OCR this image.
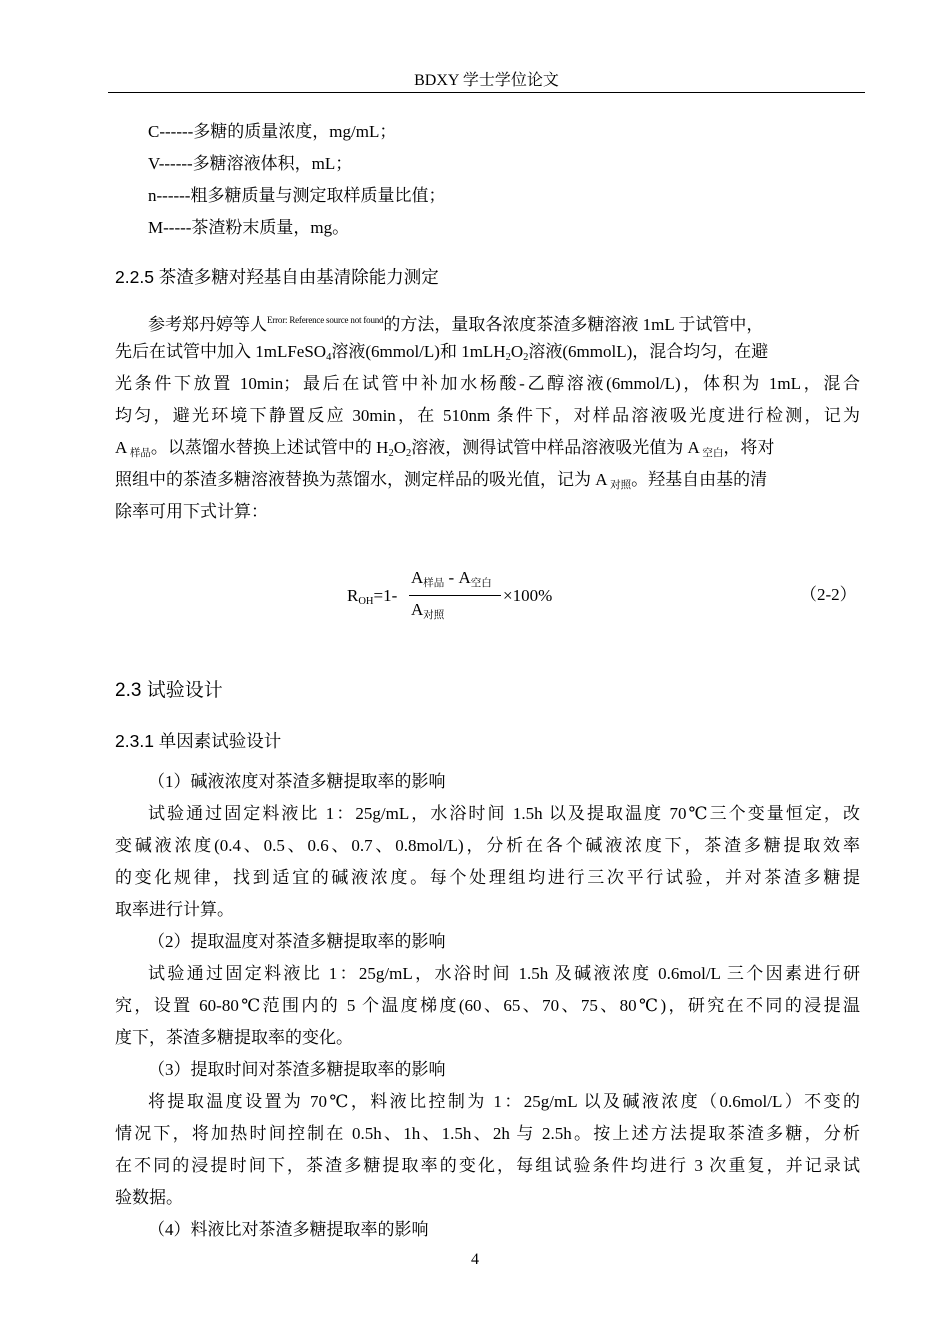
BDXY 学士学位论文
C------多糖的质量浓度，mg/mL；
V------多糖溶液体积，mL；
n------粗多糖质量与测定取样质量比值；
M-----茶渣粉末质量，mg。
2.2.5 茶渣多糖对羟基自由基清除能力测定
参考郑丹婷等人$^{Error: Reference source not found}$的方法，量取各浓度茶渣多糖溶液 1mL 于试管中，
先后在试管中加入 1mLFeSO$_4$溶液(6mmol/L)和 $1mLH_2O_2$溶液(6mmolL)，混合均匀，在避
光条件下放置 10min；最后在试管中补加水杨酸-乙醇溶液(6mmol/L)，体积为 1mL，混合
均匀，避光环境下静置反应 30min，在 510nm 条件下，对样品溶液吸光度进行检测，记为
A $_{样品}$。以蒸馏水替换上述试管中的 $H_2O_2$溶液，测得试管中样品溶液吸光值为 A $_{空白}$，将对
照组中的茶渣多糖溶液替换为蒸馏水，测定样品的吸光值，记为 A $_{对照}$。羟基自由基的清
除率可用下式计算：
$R_{OH}=1-$
$A_{样品} - A_{空白}$
$A_{对照}$
×100%	（2-2）
2.3 试验设计
2.3.1 单因素试验设计
（1）碱液浓度对茶渣多糖提取率的影响
试验通过固定料液比 1：25g/mL，水浴时间 1.5h 以及提取温度 70℃三个变量恒定，改
变碱液浓度(0.4、0.5、0.6、0.7、0.8mol/L)，分析在各个碱液浓度下，茶渣多糖提取效率
的变化规律，找到适宜的碱液浓度。每个处理组均进行三次平行试验，并对茶渣多糖提
取率进行计算。
（2）提取温度对茶渣多糖提取率的影响
试验通过固定料液比 1：25g/mL，水浴时间 1.5h 及碱液浓度 0.6mol/L 三个因素进行研
究，设置 60-80℃范围内的 5 个温度梯度(60、65、70、75、80℃)，研究在不同的浸提温
度下，茶渣多糖提取率的变化。
（3）提取时间对茶渣多糖提取率的影响
将提取温度设置为 70℃，料液比控制为 1：25g/mL 以及碱液浓度（0.6mol/L）不变的
情况下，将加热时间控制在 0.5h、1h、1.5h、2h 与 2.5h。按上述方法提取茶渣多糖，分析
在不同的浸提时间下，茶渣多糖提取率的变化，每组试验条件均进行 3 次重复，并记录试
验数据。
（4）料液比对茶渣多糖提取率的影响
4
